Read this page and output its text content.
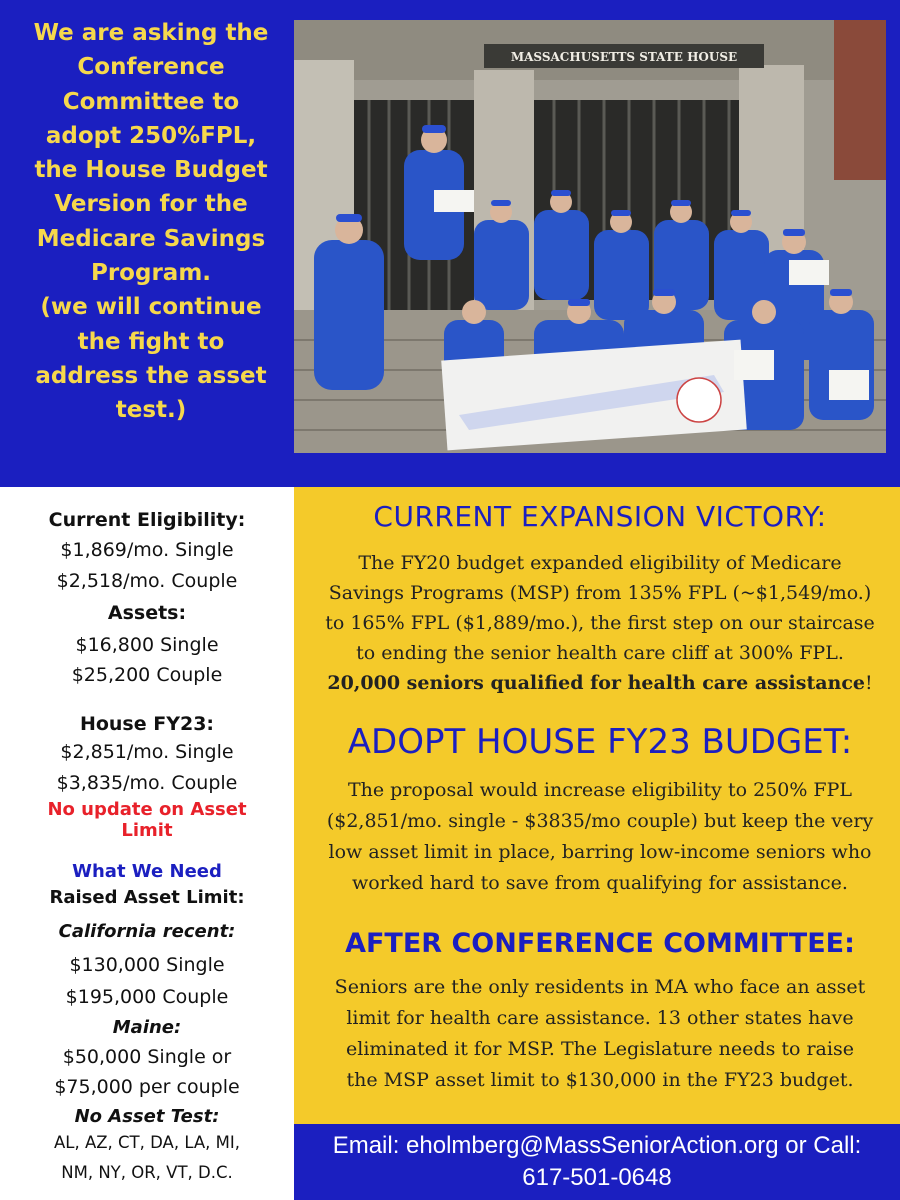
We are asking the
Conference
Committee to
adopt 250%FPL,
the House Budget
Version for the
Medicare Savings
Program.
(we will continue
the fight to
address the asset
test.)
MASSACHUSETTS STATE HOUSE
Current Eligibility:
$1,869/mo. Single
$2,518/mo. Couple
Assets:
$16,800 Single
$25,200 Couple
House FY23:
$2,851/mo. Single
$3,835/mo. Couple
No update on Asset
Limit
What We Need
Raised Asset Limit:
California recent:
$130,000 Single
$195,000 Couple
Maine:
$50,000 Single or
$75,000 per couple
No Asset Test:
AL, AZ, CT, DA, LA, MI,
NM, NY, OR, VT, D.C.
CURRENT EXPANSION VICTORY:
The FY20 budget expanded eligibility of Medicare
Savings Programs (MSP) from 135% FPL (~$1,549/mo.)
to 165% FPL ($1,889/mo.), the first step on our staircase
to ending the senior health care cliff at 300% FPL.
20,000 seniors qualified for health care assistance!
ADOPT HOUSE FY23 BUDGET:
The proposal would increase eligibility to 250% FPL
($2,851/mo. single - $3835/mo couple) but keep the very
low asset limit in place, barring low-income seniors who
worked hard to save from qualifying for assistance.
AFTER CONFERENCE COMMITTEE:
Seniors are the only residents in MA who face an asset
limit for health care assistance. 13 other states have
eliminated it for MSP. The Legislature needs to raise
the MSP asset limit to $130,000 in the FY23 budget.
Email: eholmberg@MassSeniorAction.org or Call:
617-501-0648
